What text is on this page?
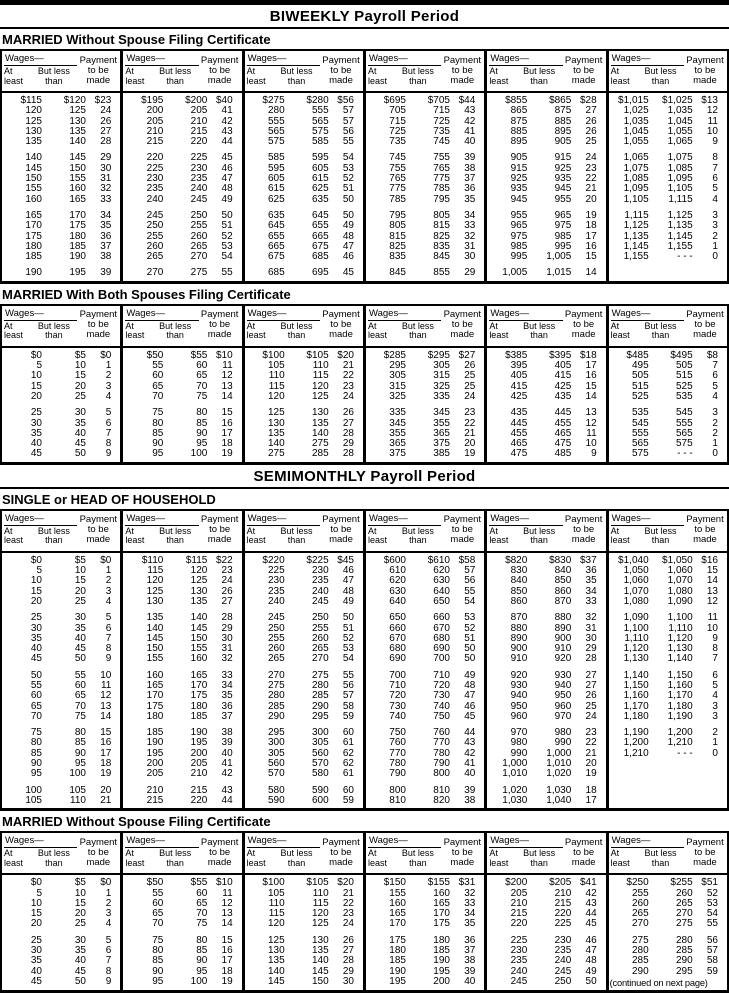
BIWEEKLY Payroll Period
MARRIED Without Spouse Filing Certificate
Wages—
At least
But less than
Payment to be made
$115	$120 $23
120	125	24
125	130	26
130	135	27
135	140	28
140	145	29
145	150	30
150	155	31
155	160	32
160	165	33
165	170	34
170	175	35
175	180	36
180	185	37
185	190	38
190	195	39
Wages—
At least
But less than
Payment to be made
$195	$200 $40
200	205	41
205	210	42
210	215	43
215	220	44
220	225	45
225	230	46
230	235	47
235	240	48
240	245	49
245	250	50
250	255	51
255	260	52
260	265	53
265	270	54
270	275	55
Wages—
At least
But less than
Payment to be made
$275	$280 $56
280	555	57
555	565	57
565	575	56
575	585	55
585	595	54
595	605	53
605	615	52
615	625	51
625	635	50
635	645	50
645	655	49
655	665	48
665	675	47
675	685	46
685	695	45
Wages—
At least
But less than
Payment to be made
$695	$705 $44
705	715	43
715	725	42
725	735	41
735	745	40
745	755	39
755	765	38
765	775	37
775	785	36
785	795	35
795	805	34
805	815	33
815	825	32
825	835	31
835	845	30
845	855	29
Wages—
At least
But less than
Payment to be made
$855	$865 $28
865	875	27
875	885	26
885	895	26
895	905	25
905	915	24
915	925	23
925	935	22
935	945	21
945	955	20
955	965	19
965	975	18
975	985	17
985	995	16
995	1,005	15
1,005	1,015	14
Wages—
At least
But less than
Payment to be made
$1,015	$1,025 $13
1,025	1,035	12
1,035	1,045	11
1,045	1,055	10
1,055	1,065	9
1,065	1,075	8
1,075	1,085	7
1,085	1,095	6
1,095	1,105	5
1,105	1,115	4
1,115	1,125	3
1,125	1,135	3
1,135	1,145	2
1,145	1,155	1
1,155	- - -	0
MARRIED With Both Spouses Filing Certificate
Wages—
At least
But less than
Payment to be made
$0	$5	$0
5	10	1
10	15	2
15	20	3
20	25	4
25	30	5
30	35	6
35	40	7
40	45	8
45	50	9
Wages—
At least
But less than
Payment to be made
$50	$55 $10
55	60	11
60	65	12
65	70	13
70	75	14
75	80	15
80	85	16
85	90	17
90	95	18
95	100	19
Wages—
At least
But less than
Payment to be made
$100	$105 $20
105	110	21
110	115	22
115	120	23
120	125	24
125	130	26
130	135	27
135	140	28
140	275	29
275	285	28
Wages—
At least
But less than
Payment to be made
$285	$295 $27
295	305	26
305	315	25
315	325	25
325	335	24
335	345	23
345	355	22
355	365	21
365	375	20
375	385	19
Wages—
At least
But less than
Payment to be made
$385	$395 $18
395	405	17
405	415	16
415	425	15
425	435	14
435	445	13
445	455	12
455	465	11
465	475	10
475	485	9
Wages—
At least
But less than
Payment to be made
$485	$495	$8
495	505	7
505	515	6
515	525	5
525	535	4
535	545	3
545	555	2
555	565	2
565	575	1
575	- - -	0
SEMIMONTHLY Payroll Period
SINGLE or HEAD OF HOUSEHOLD
Wages—
At least
But less than
Payment to be made
$0	$5	$0
5	10	1
10	15	2
15	20	3
20	25	4
25	30	5
30	35	6
35	40	7
40	45	8
45	50	9
50	55	10
55	60	11
60	65	12
65	70	13
70	75	14
75	80	15
80	85	16
85	90	17
90	95	18
95	100	19
100	105	20
105	110	21
Wages—
At least
But less than
Payment to be made
$110	$115 $22
115	120	23
120	125	24
125	130	26
130	135	27
135	140	28
140	145	29
145	150	30
150	155	31
155	160	32
160	165	33
165	170	34
170	175	35
175	180	36
180	185	37
185	190	38
190	195	39
195	200	40
200	205	41
205	210	42
210	215	43
215	220	44
Wages—
At least
But less than
Payment to be made
$220	$225 $45
225	230	46
230	235	47
235	240	48
240	245	49
245	250	50
250	255	51
255	260	52
260	265	53
265	270	54
270	275	55
275	280	56
280	285	57
285	290	58
290	295	59
295	300	60
300	305	61
305	560	62
560	570	62
570	580	61
580	590	60
590	600	59
Wages—
At least
But less than
Payment to be made
$600	$610 $58
610	620	57
620	630	56
630	640	55
640	650	54
650	660	53
660	670	52
670	680	51
680	690	50
690	700	50
700	710	49
710	720	48
720	730	47
730	740	46
740	750	45
750	760	44
760	770	43
770	780	42
780	790	41
790	800	40
800	810	39
810	820	38
Wages—
At least
But less than
Payment to be made
$820	$830 $37
830	840	36
840	850	35
850	860	34
860	870	33
870	880	32
880	890	31
890	900	30
900	910	29
910	920	28
920	930	27
930	940	27
940	950	26
950	960	25
960	970	24
970	980	23
980	990	22
990	1,000	21
1,000	1,010	20
1,010	1,020	19
1,020	1,030	18
1,030	1,040	17
Wages—
At least
But less than
Payment to be made
$1,040	$1,050 $16
1,050	1,060	15
1,060	1,070	14
1,070	1,080	13
1,080	1,090	12
1,090	1,100	11
1,100	1,110	10
1,110	1,120	9
1,120	1,130	8
1,130	1,140	7
1,140	1,150	6
1,150	1,160	5
1,160	1,170	4
1,170	1,180	3
1,180	1,190	3
1,190	1,200	2
1,200	1,210	1
1,210	- - -	0
MARRIED Without Spouse Filing Certificate
Wages—
At least
But less than
Payment to be made
$0	$5	$0
5	10	1
10	15	2
15	20	3
20	25	4
25	30	5
30	35	6
35	40	7
40	45	8
45	50	9
Wages—
At least
But less than
Payment to be made
$50	$55 $10
55	60	11
60	65	12
65	70	13
70	75	14
75	80	15
80	85	16
85	90	17
90	95	18
95	100	19
Wages—
At least
But less than
Payment to be made
$100	$105 $20
105	110	21
110	115	22
115	120	23
120	125	24
125	130	26
130	135	27
135	140	28
140	145	29
145	150	30
Wages—
At least
But less than
Payment to be made
$150	$155 $31
155	160	32
160	165	33
165	170	34
170	175	35
175	180	36
180	185	37
185	190	38
190	195	39
195	200	40
Wages—
At least
But less than
Payment to be made
$200	$205 $41
205	210	42
210	215	43
215	220	44
220	225	45
225	230	46
230	235	47
235	240	48
240	245	49
245	250	50
Wages—
At least
But less than
Payment to be made
$250	$255 $51
255	260	52
260	265	53
265	270	54
270	275	55
275	280	56
280	285	57
285	290	58
290	295	59
(continued on next page)
